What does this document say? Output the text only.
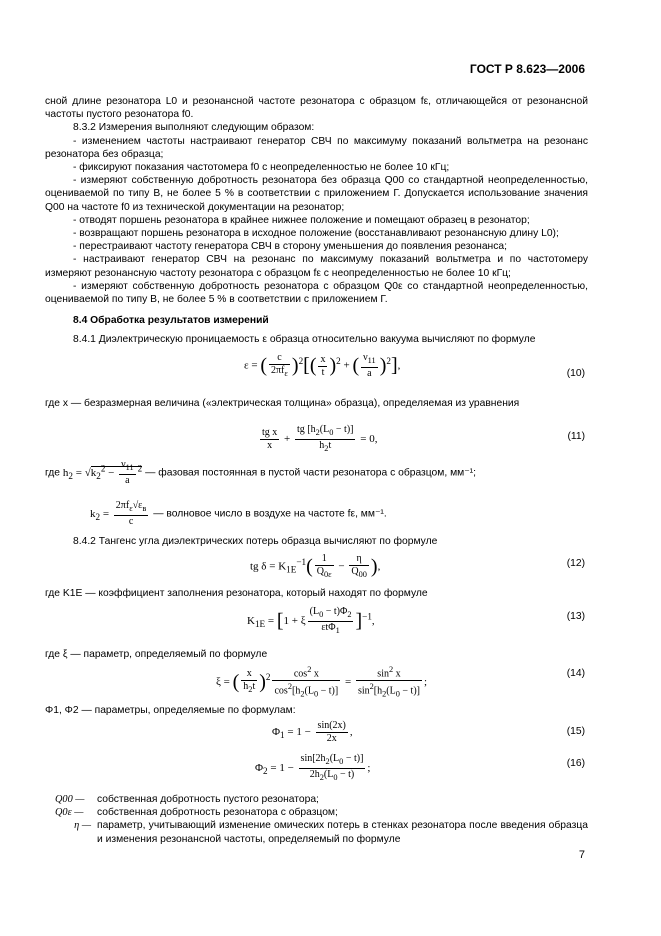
ГОСТ Р 8.623—2006

сной длине резонатора L0 и резонансной частоте резонатора с образцом fε, отличающейся от резонансной частоты пустого резонатора f0.

8.3.2 Измерения выполняют следующим образом:

- изменением частоты настраивают генератор СВЧ по максимуму показаний вольтметра на резонанс резонатора без образца;

- фиксируют показания частотомера f0 с неопределенностью не более 10 кГц;

- измеряют собственную добротность резонатора без образца Q00 со стандартной неопределенностью, оцениваемой по типу B, не более 5 % в соответствии с приложением Г. Допускается использование значения Q00 на частоте f0 из технической документации на резонатор;

- отводят поршень резонатора в крайнее нижнее положение и помещают образец в резонатор;

- возвращают поршень резонатора в исходное положение (восстанавливают резонансную длину L0);

- перестраивают частоту генератора СВЧ в сторону уменьшения до появления резонанса;

- настраивают генератор СВЧ на резонанс по максимуму показаний вольтметра и по частотомеру измеряют резонансную частоту резонатора с образцом fε с неопределенностью не более 10 кГц;

- измеряют собственную добротность резонатора с образцом Q0ε со стандартной неопределенностью, оцениваемой по типу B, не более 5 % в соответствии с приложением Г.

8.4 Обработка результатов измерений

8.4.1 Диэлектрическую проницаемость ε образца относительно вакуума вычисляют по формуле

ε = ( $\frac{c}{2\pi f_\varepsilon} )^2[( \frac{x}{t} )^2$ + ( $\frac{\nu_{11}}{a} )^2$],
(10)
где x — безразмерная величина («электрическая толщина» образца), определяемая из уравнения
$\frac{\text{tg x}}{x} + \frac{tg [h_2(L_0 - t)]}{h_2t} = 0$,	(11)
где $h_2 = √k_2^2 - \frac{\nu_{11}}{a} ^2$ — фазовая постоянная в пустой части резонатора с образцом, мм⁻¹;
$k_2 = \frac{2\pi f_\varepsilon√\varepsilon_в}{c}$ — волновое число в воздухе на частоте fε, мм⁻¹.
8.4.2 Тангенс угла диэлектрических потерь образца вычисляют по формуле
tg $\delta = K_{1E}^{-1}( \frac{1}{Q_{0\varepsilon}} - \frac{\eta}{Q_{00}}$ ),	(12)
где K1E — коэффициент заполнения резонатора, который находят по формуле
$K_{1E} = [1 + \xi \frac{(L_0 - t)\Phi_2}{\varepsilon t\Phi_1} ]^{-1}$,	(13)
где ξ — параметр, определяемый по формуле
ξ = ( $\frac{x}{h_2t} )^2 \frac{\cos^2 x}{\cos^2[h_2(L_0 - t)]} = \frac{\sin^2 x}{\sin^2[h_2(L_0 - t)]}$ ;
(14)
Φ1, Φ2 — параметры, определяемые по формулам:
$\Phi_1 = 1 - \frac{\sin(2x)}{2x}$ ,	(15)
$\Phi_2 = 1 - \frac{\sin[2h_2(L_0 - t)]}{2h_2(L_0 - t)}$ ;	(16)
Q00 —	собственная добротность пустого резонатора;
Q0ε —	собственная добротность резонатора с образцом;
η — параметр, учитывающий изменение омических потерь в стенках резонатора после введения образца и изменения резонансной частоты, определяемый по формуле
7
